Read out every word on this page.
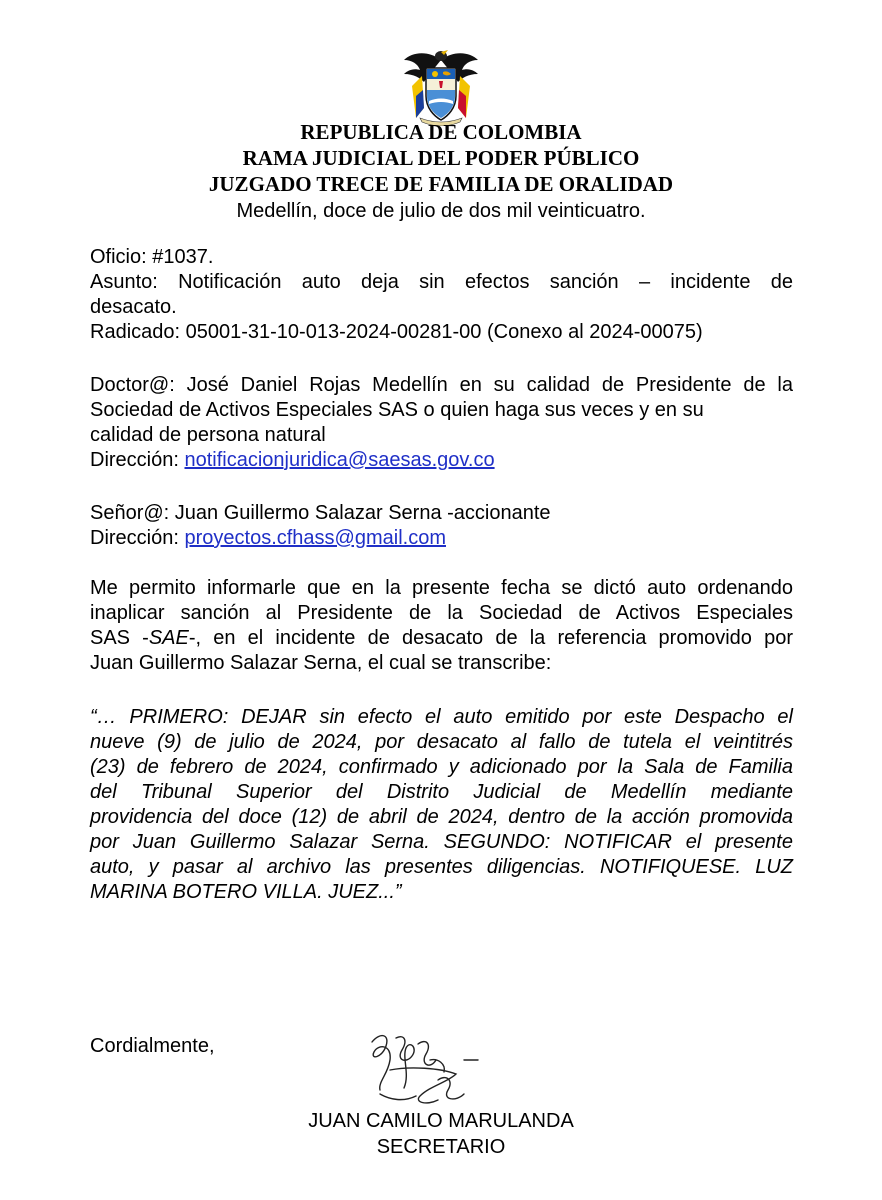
REPUBLICA DE COLOMBIA
RAMA JUDICIAL DEL PODER PÚBLICO
JUZGADO TRECE DE FAMILIA DE ORALIDAD
Medellín, doce de julio de dos mil veinticuatro.
Oficio: #1037.
Asunto: Notificación auto deja sin efectos sanción – incidente de
desacato.
Radicado: 05001-31-10-013-2024-00281-00 (Conexo al 2024-00075)
Doctor@: José Daniel Rojas Medellín en su calidad de Presidente de la
Sociedad de Activos Especiales SAS o quien haga sus veces y en su
calidad de persona natural
Dirección: notificacionjuridica@saesas.gov.co
Señor@: Juan Guillermo Salazar Serna -accionante
Dirección: proyectos.cfhass@gmail.com
Me permito informarle que en la presente fecha se dictó auto ordenando
inaplicar sanción al Presidente de la Sociedad de Activos Especiales
SAS -SAE-, en el incidente de desacato de la referencia promovido por
Juan Guillermo Salazar Serna, el cual se transcribe:
“… PRIMERO: DEJAR sin efecto el auto emitido por este Despacho el
nueve (9) de julio de 2024, por desacato al fallo de tutela el veintitrés
(23) de febrero de 2024, confirmado y adicionado por la Sala de Familia
del Tribunal Superior del Distrito Judicial de Medellín mediante
providencia del doce (12) de abril de 2024, dentro de la acción promovida
por Juan Guillermo Salazar Serna. SEGUNDO: NOTIFICAR el presente
auto, y pasar al archivo las presentes diligencias. NOTIFIQUESE. LUZ
MARINA BOTERO VILLA. JUEZ...”
Cordialmente,
JUAN CAMILO MARULANDA
SECRETARIO
